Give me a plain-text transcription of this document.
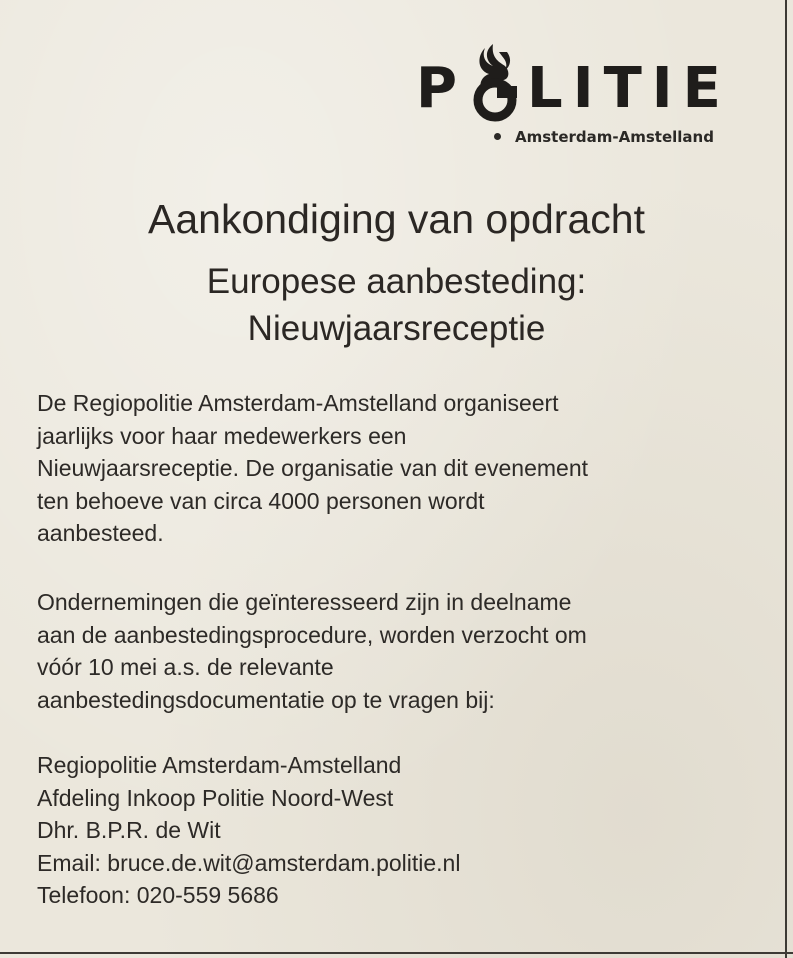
P LITIE
Amsterdam-Amstelland
Aankondiging van opdracht
Europese aanbesteding:
Nieuwjaarsreceptie

De Regiopolitie Amsterdam-Amstelland organiseert
jaarlijks voor haar medewerkers een
Nieuwjaarsreceptie. De organisatie van dit evenement
ten behoeve van circa 4000 personen wordt
aanbesteed.

Ondernemingen die geïnteresseerd zijn in deelname
aan de aanbestedingsprocedure, worden verzocht om
vóór 10 mei a.s. de relevante
aanbestedingsdocumentatie op te vragen bij:

Regiopolitie Amsterdam-Amstelland
Afdeling Inkoop Politie Noord-West
Dhr. B.P.R. de Wit
Email: bruce.de.wit@amsterdam.politie.nl
Telefoon: 020-559 5686
